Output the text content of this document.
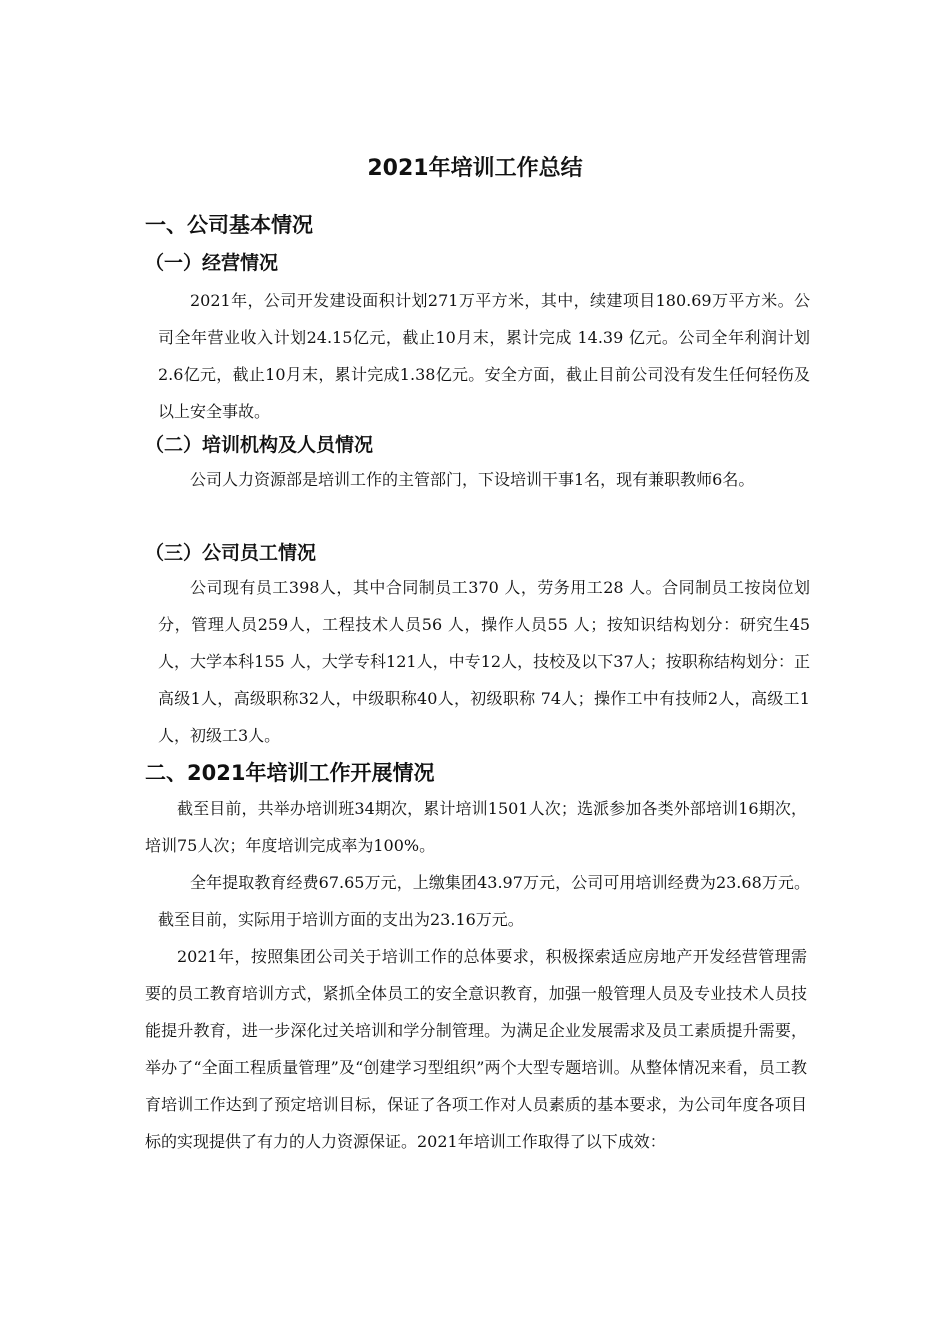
2021年培训工作总结
一、公司基本情况
（一）经营情况

2021年，公司开发建设面积计划271万平方米，其中，续建项目180.69万平方米。公司全年营业收入计划24.15亿元，截止10月末，累计完成 14.39 亿元。公司全年利润计划2.6亿元，截止10月末，累计完成1.38亿元。安全方面，截止目前公司没有发生任何轻伤及以上安全事故。

（二）培训机构及人员情况

公司人力资源部是培训工作的主管部门，下设培训干事1名，现有兼职教师6名。

（三）公司员工情况

公司现有员工398人，其中合同制员工370 人，劳务用工28 人。合同制员工按岗位划分，管理人员259人，工程技术人员56 人，操作人员55 人；按知识结构划分：研究生45 人，大学本科155 人，大学专科121人，中专12人，技校及以下37人；按职称结构划分：正高级1人，高级职称32人，中级职称40人，初级职称 74人；操作工中有技师2人，高级工1人，初级工3人。

二、2021年培训工作开展情况

截至目前，共举办培训班34期次，累计培训1501人次；选派参加各类外部培训16期次，培训75人次；年度培训完成率为100%。

全年提取教育经费67.65万元，上缴集团43.97万元，公司可用培训经费为23.68万元。截至目前，实际用于培训方面的支出为23.16万元。

2021年，按照集团公司关于培训工作的总体要求，积极探索适应房地产开发经营管理需要的员工教育培训方式，紧抓全体员工的安全意识教育，加强一般管理人员及专业技术人员技能提升教育，进一步深化过关培训和学分制管理。为满足企业发展需求及员工素质提升需要，举办了“全面工程质量管理”及“创建学习型组织”两个大型专题培训。从整体情况来看，员工教育培训工作达到了预定培训目标，保证了各项工作对人员素质的基本要求，为公司年度各项目标的实现提供了有力的人力资源保证。2021年培训工作取得了以下成效：
